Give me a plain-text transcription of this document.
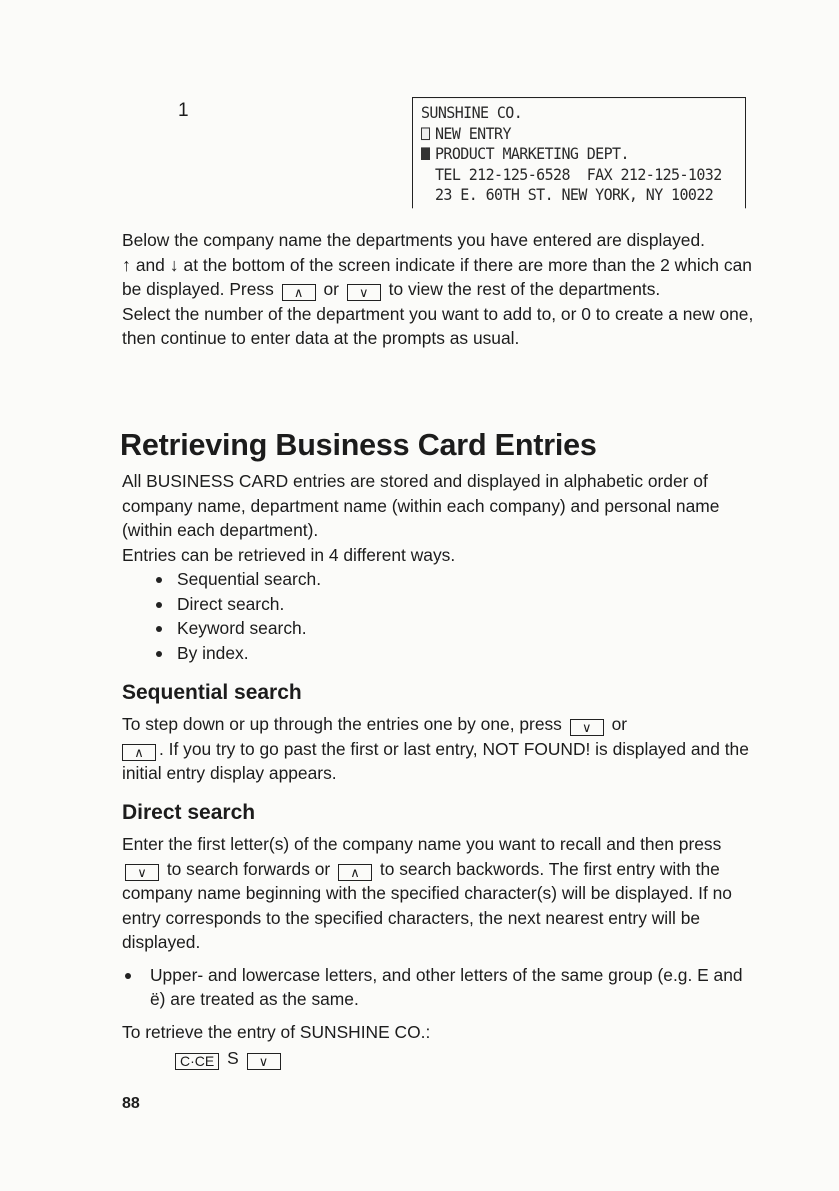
1	SUNSHINE CO.
NEW ENTRY
PRODUCT MARKETING DEPT.
TEL 212-125-6528  FAX 212-125-1032
23 E. 60TH ST. NEW YORK, NY 10022

Below the company name the departments you have entered are displayed.

↑ and ↓ at the bottom of the screen indicate if there are more than the 2 which can be displayed. Press ∧ or ∨ to view the rest of the departments.

Select the number of the department you want to add to, or 0 to create a new one, then continue to enter data at the prompts as usual.

Retrieving Business Card Entries

All BUSINESS CARD entries are stored and displayed in alphabetic order of company name, department name (within each company) and personal name (within each department).

Entries can be retrieved in 4 different ways.

Sequential search.
Direct search.
Keyword search.
By index.
Sequential search

To step down or up through the entries one by one, press ∨ or
∧ . If you try to go past the first or last entry, NOT FOUND! is displayed and the initial entry display appears.

Direct search

Enter the first letter(s) of the company name you want to recall and then press ∨ to search forwards or ∧ to search backwords. The first entry with the company name beginning with the specified character(s) will be displayed. If no entry corresponds to the specified characters, the next nearest entry will be displayed.

Upper- and lowercase letters, and other letters of the same group (e.g. E and ë) are treated as the same.

To retrieve the entry of SUNSHINE CO.:

C·CE S ∨

88
